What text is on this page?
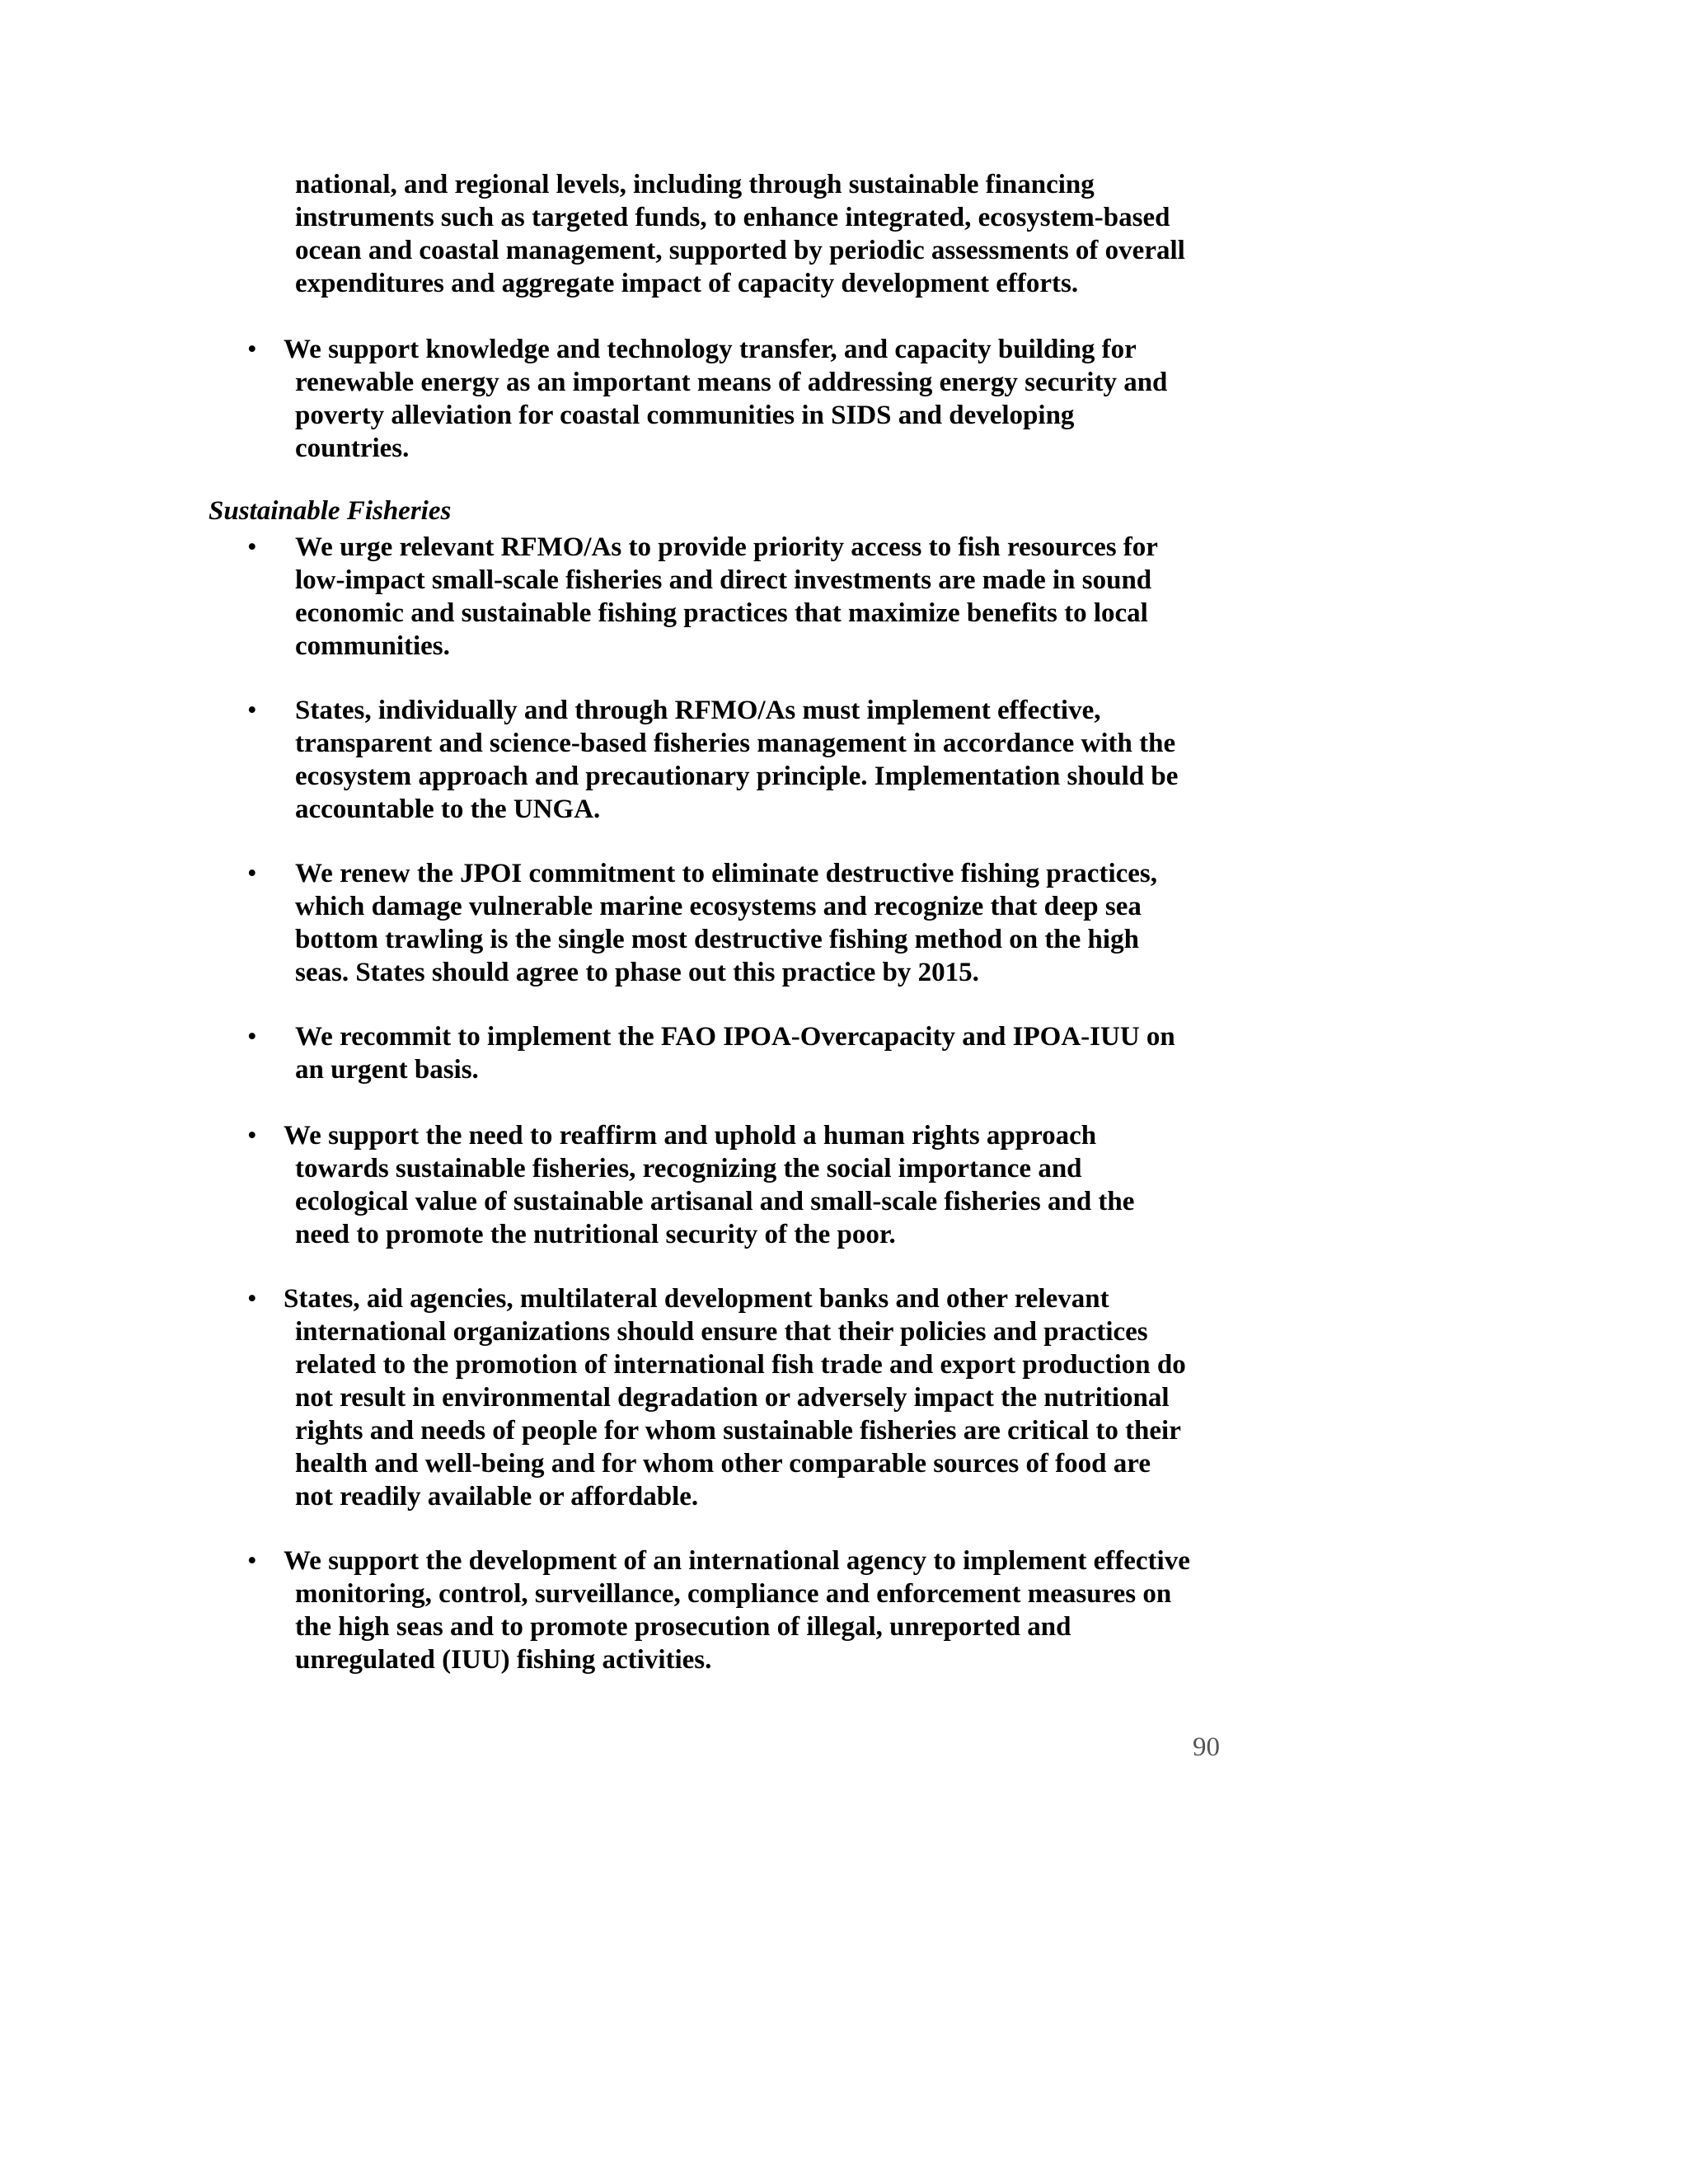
national, and regional levels, including through sustainable financing
instruments such as targeted funds, to enhance integrated, ecosystem-based
ocean and coastal management, supported by periodic assessments of overall
expenditures and aggregate impact of capacity development efforts.
• We support knowledge and technology transfer, and capacity building for
renewable energy as an important means of addressing energy security and
poverty alleviation for coastal communities in SIDS and developing
countries.
Sustainable Fisheries
•	We urge relevant RFMO/As to provide priority access to fish resources for
low-impact small-scale fisheries and direct investments are made in sound
economic and sustainable fishing practices that maximize benefits to local
communities.
•	States, individually and through RFMO/As must implement effective,
transparent and science-based fisheries management in accordance with the
ecosystem approach and precautionary principle. Implementation should be
accountable to the UNGA.
•	We renew the JPOI commitment to eliminate destructive fishing practices,
which damage vulnerable marine ecosystems and recognize that deep sea
bottom trawling is the single most destructive fishing method on the high
seas. States should agree to phase out this practice by 2015.
•	We recommit to implement the FAO IPOA-Overcapacity and IPOA-IUU on
an urgent basis.
• We support the need to reaffirm and uphold a human rights approach
towards sustainable fisheries, recognizing the social importance and
ecological value of sustainable artisanal and small-scale fisheries and the
need to promote the nutritional security of the poor.
• States, aid agencies, multilateral development banks and other relevant
international organizations should ensure that their policies and practices
related to the promotion of international fish trade and export production do
not result in environmental degradation or adversely impact the nutritional
rights and needs of people for whom sustainable fisheries are critical to their
health and well-being and for whom other comparable sources of food are
not readily available or affordable.
• We support the development of an international agency to implement effective
monitoring, control, surveillance, compliance and enforcement measures on
the high seas and to promote prosecution of illegal, unreported and
unregulated (IUU) fishing activities.
90
